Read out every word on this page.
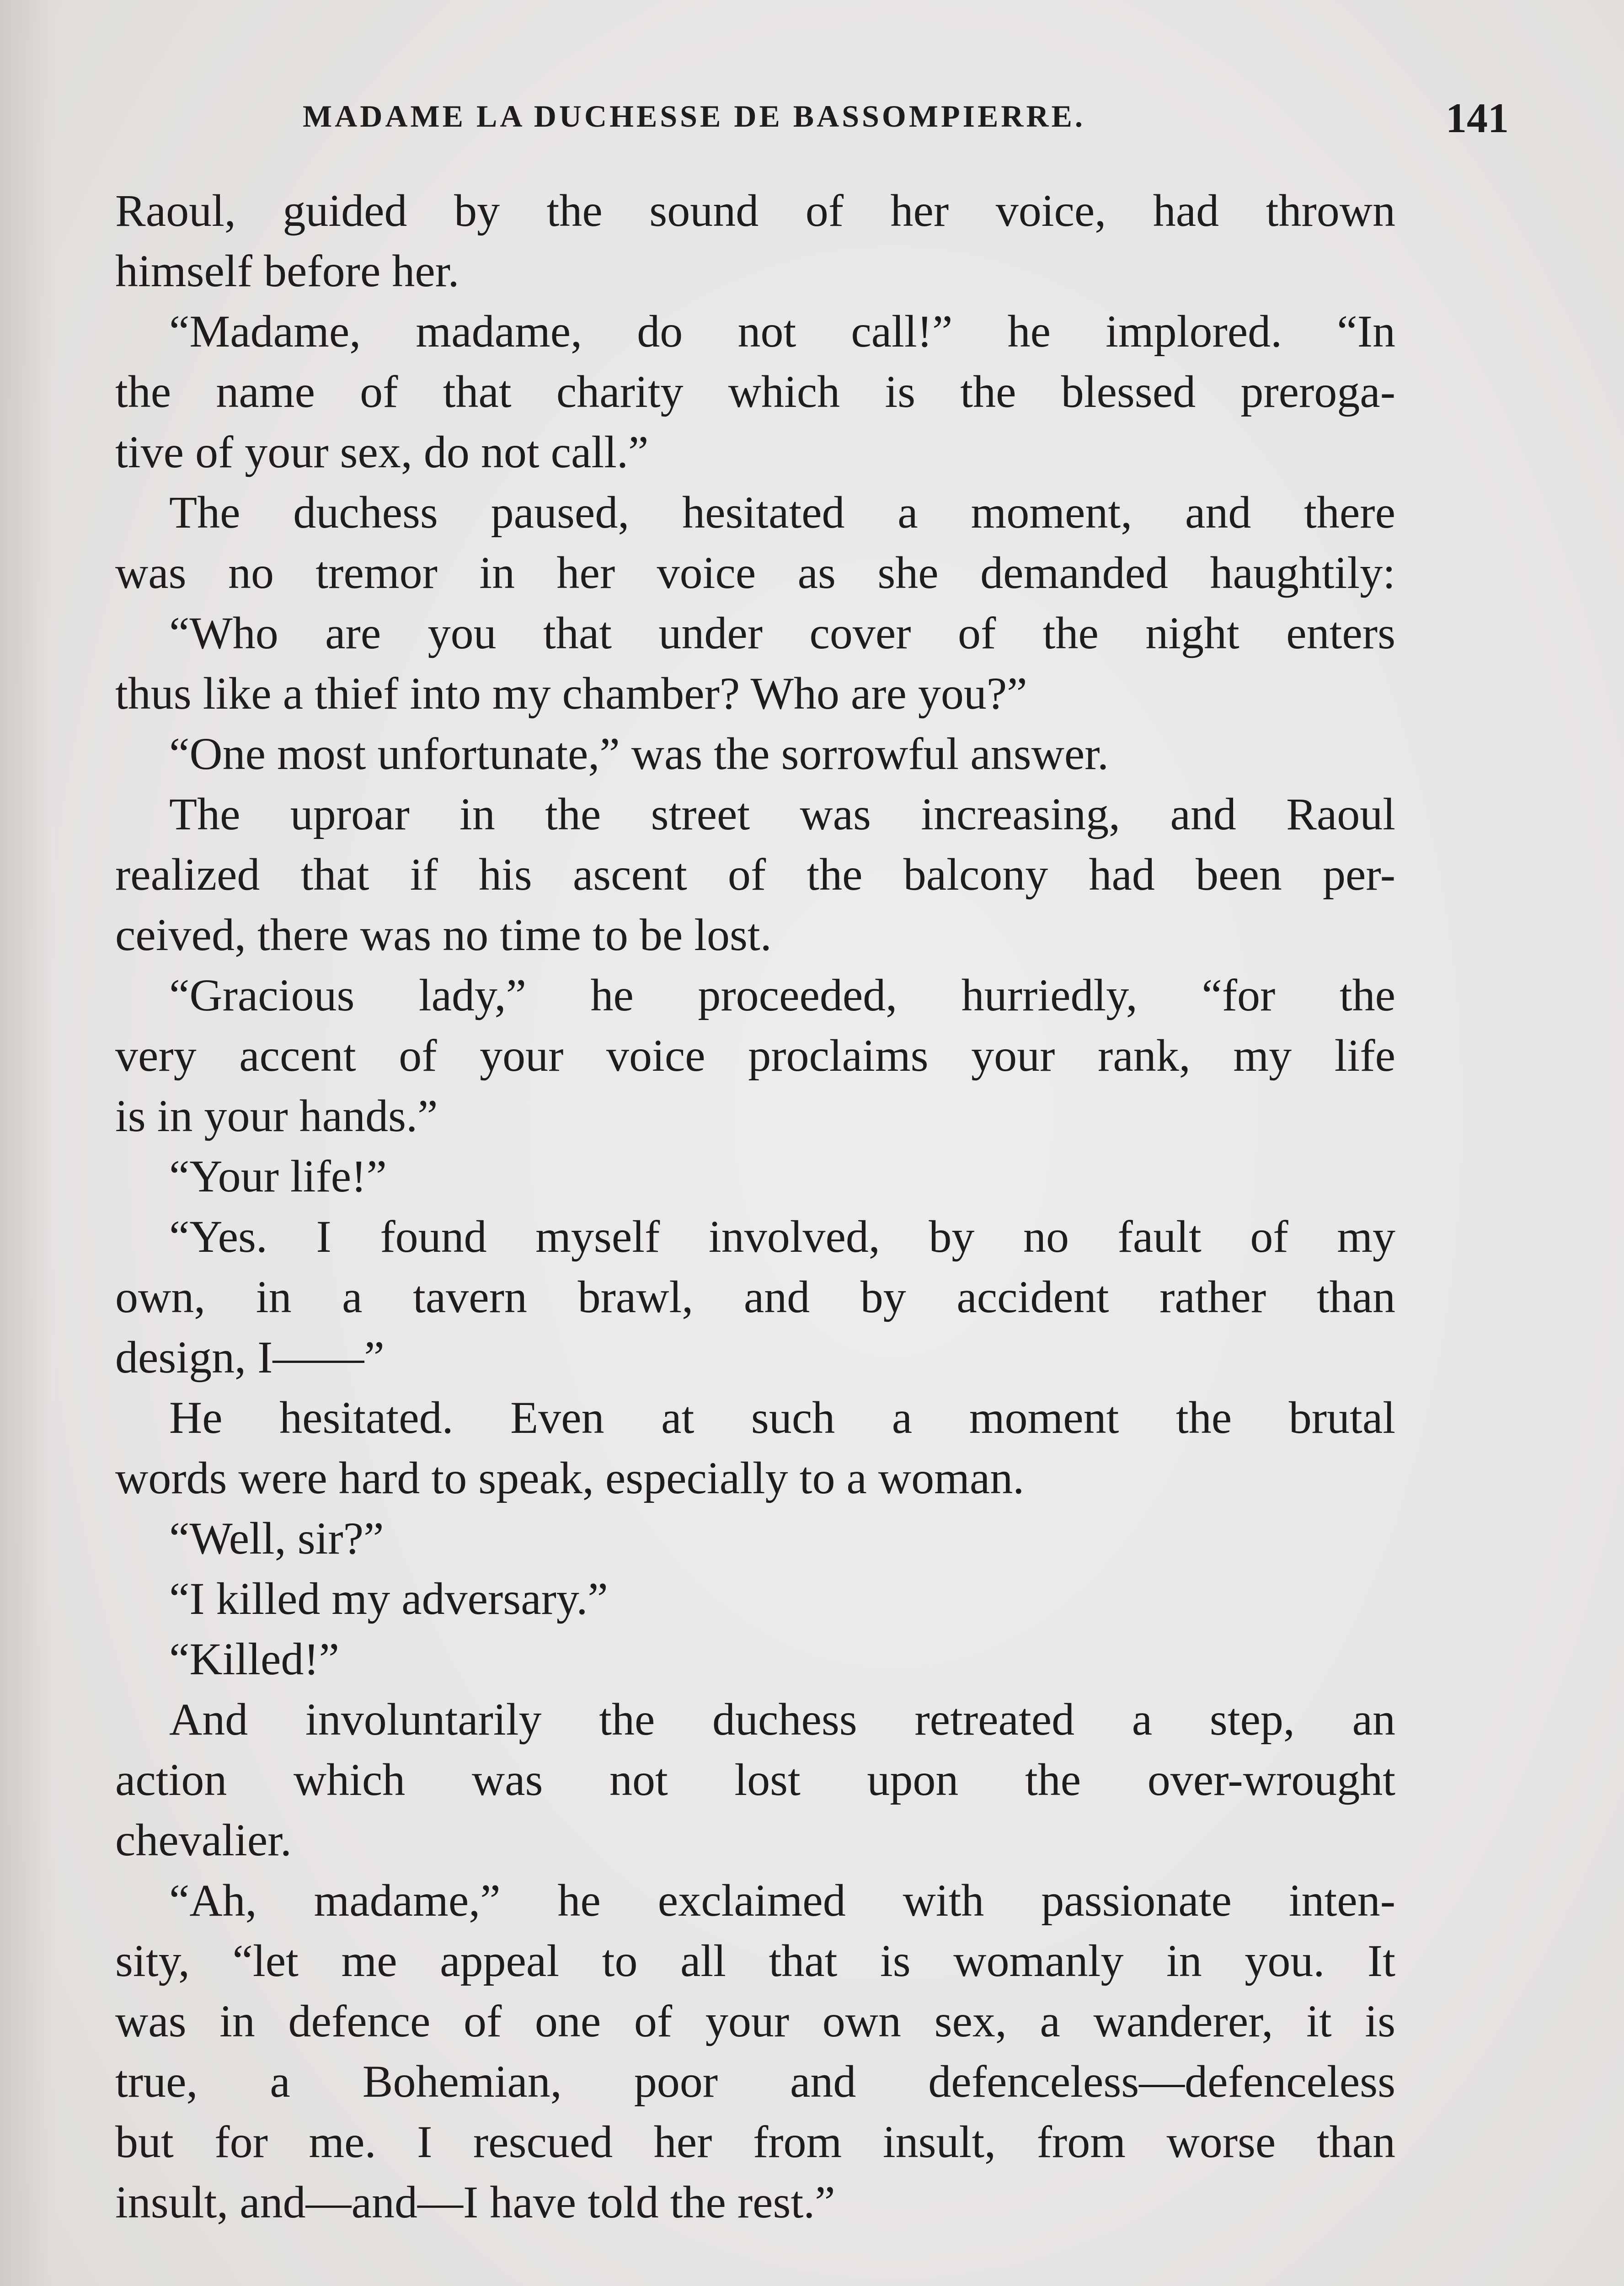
MADAME LA DUCHESSE DE BASSOMPIERRE.	141
Raoul, guided by the sound of her voice, had thrown
himself before her.
“Madame, madame, do not call!” he implored. “In
the name of that charity which is the blessed preroga-
tive of your sex, do not call.”
The duchess paused, hesitated a moment, and there
was no tremor in her voice as she demanded haughtily:
“Who are you that under cover of the night enters
thus like a thief into my chamber? Who are you?”
“One most unfortunate,” was the sorrowful answer.
The uproar in the street was increasing, and Raoul
realized that if his ascent of the balcony had been per-
ceived, there was no time to be lost.
“Gracious lady,” he proceeded, hurriedly, “for the
very accent of your voice proclaims your rank, my life
is in your hands.”
“Your life!”
“Yes. I found myself involved, by no fault of my
own, in a tavern brawl, and by accident rather than
design, I——”
He hesitated. Even at such a moment the brutal
words were hard to speak, especially to a woman.
“Well, sir?”
“I killed my adversary.”
“Killed!”
And involuntarily the duchess retreated a step, an
action which was not lost upon the over-wrought
chevalier.
“Ah, madame,” he exclaimed with passionate inten-
sity, “let me appeal to all that is womanly in you. It
was in defence of one of your own sex, a wanderer, it is
true, a Bohemian, poor and defenceless—defenceless
but for me. I rescued her from insult, from worse than
insult, and—and—I have told the rest.”
